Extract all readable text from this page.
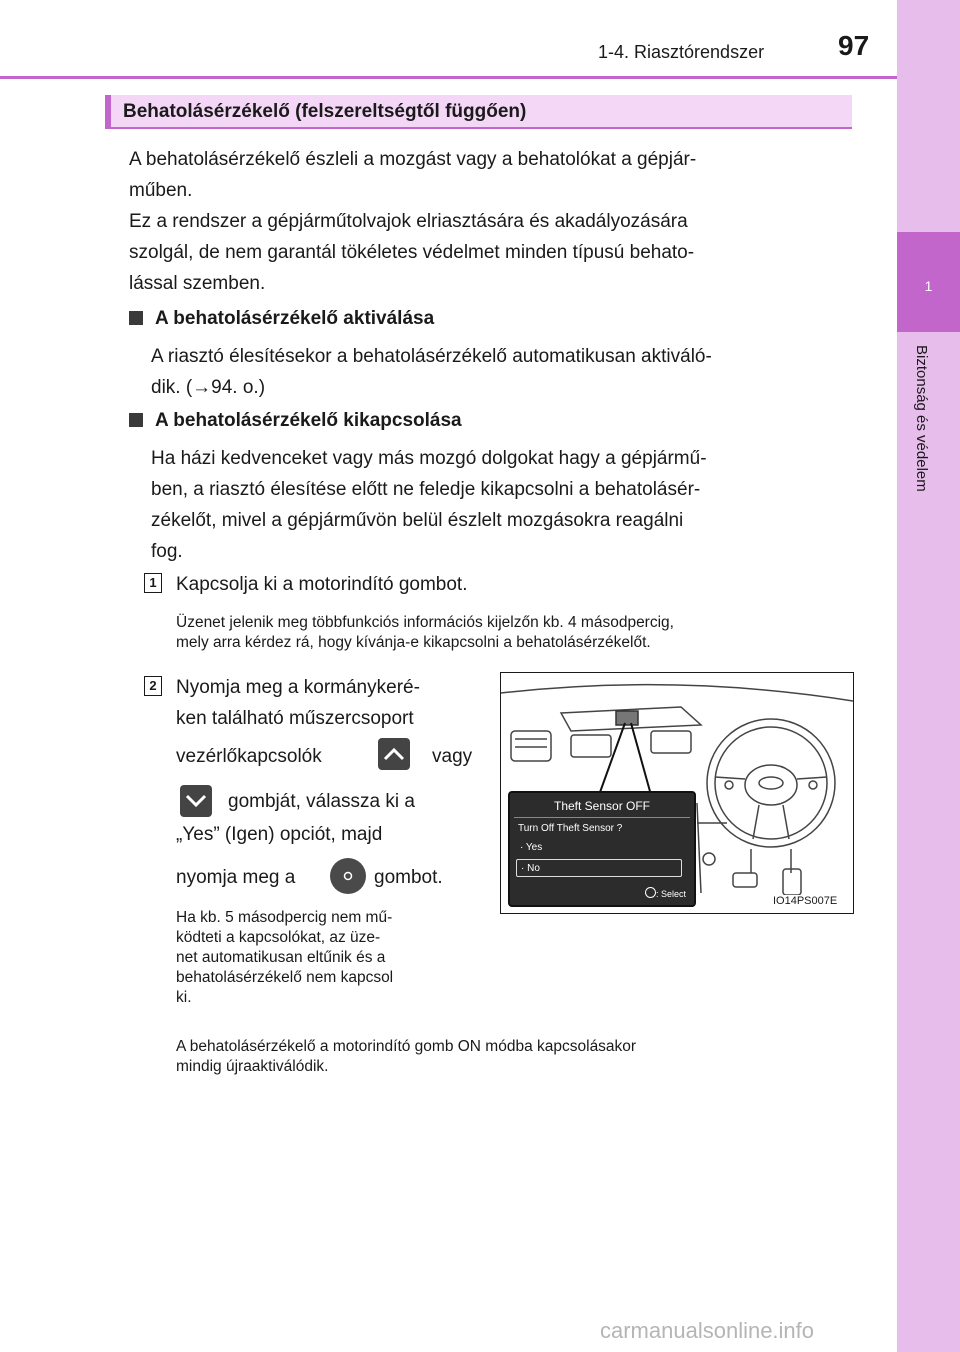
1
Biztonság és védelem
1-4. Riasztórendszer	97
Behatolásérzékelő (felszereltségtől függően)
A behatolásérzékelő észleli a mozgást vagy a behatolókat a gépjár-
műben.
Ez a rendszer a gépjárműtolvajok elriasztására és akadályozására
szolgál, de nem garantál tökéletes védelmet minden típusú behato-
lással szemben.
A behatolásérzékelő aktiválása
A riasztó élesítésekor a behatolásérzékelő automatikusan aktiváló-
dik. (→94. o.)
A behatolásérzékelő kikapcsolása
Ha házi kedvenceket vagy más mozgó dolgokat hagy a gépjármű-
ben, a riasztó élesítése előtt ne feledje kikapcsolni a behatolásér-
zékelőt, mivel a gépjárművön belül észlelt mozgásokra reagálni
fog.
1 Kapcsolja ki a motorindító gombot.
Üzenet jelenik meg többfunkciós információs kijelzőn kb. 4 másodpercig,
mely arra kérdez rá, hogy kívánja-e kikapcsolni a behatolásérzékelőt.
2 Nyomja meg a kormánykeré-
ken található műszercsoport
vezérlőkapcsolók	vagy
gombját, válassza ki a
„Yes” (Igen) opciót, majd
nyomja meg a	gombot.
Ha kb. 5 másodpercig nem mű-
ködteti a kapcsolókat, az üze-
net automatikusan eltűnik és a
behatolásérzékelő nem kapcsol
ki.
Theft Sensor OFF
Turn Off Theft Sensor ?
· Yes
· No
: Select
IO14PS007E
A behatolásérzékelő a motorindító gomb ON módba kapcsolásakor
mindig újraaktiválódik.
carmanualsonline.info
